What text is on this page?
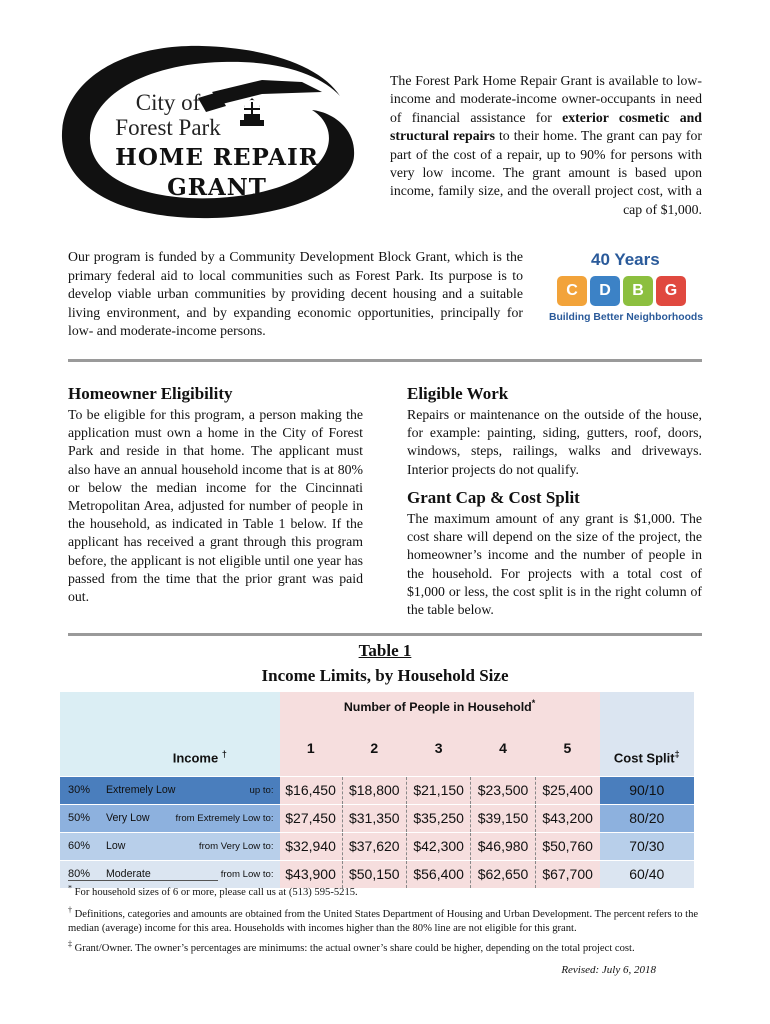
City of
Forest Park
HOME REPAIR
GRANT
The Forest Park Home Repair Grant is available to low-income and moderate-income owner-occupants in need of financial assistance for exterior cosmetic and structural repairs to their home. The grant can pay for part of the cost of a repair, up to 90% for persons with very low income. The grant amount is based upon income, family size, and the overall project cost, with a cap of $1,000.

Our program is funded by a Community Development Block Grant, which is the primary federal aid to local communities such as Forest Park. Its purpose is to develop viable urban communities by providing decent housing and a suitable living environment, and by expanding economic opportunities, principally for low- and moderate-income persons.

40 Years
C	D	B	G
Building Better Neighborhoods
Homeowner Eligibility

To be eligible for this program, a person making the application must own a home in the City of Forest Park and reside in that home. The applicant must also have an annual household income that is at 80% or below the median income for the Cincinnati Metropolitan Area, adjusted for number of people in the household, as indicated in Table 1 below. If the applicant has received a grant through this program before, the applicant is not eligible until one year has passed from the time that the prior grant was paid out.

Eligible Work

Repairs or maintenance on the outside of the house, for example: painting, siding, gutters, roof, doors, windows, steps, railings, walks and driveways. Interior projects do not qualify.

Grant Cap & Cost Split

The maximum amount of any grant is $1,000. The cost share will depend on the size of the project, the homeowner’s income and the number of people in the household. For projects with a total cost of $1,000 or less, the cost split is in the right column of the table below.

Table 1
Income Limits, by Household Size
Income †			Number of People in Household*					Cost Split‡
			1	2	3	4	5	
30%	Extremely Low	up to:	$16,450	$18,800	$21,150	$23,500	$25,400	90/10
50%	Very Low	from Extremely Low to:	$27,450	$31,350	$35,250	$39,150	$43,200	80/20
60%	Low	from Very Low to:	$32,940	$37,620	$42,300	$46,980	$50,760	70/30
80%	Moderate	from Low to:	$43,900	$50,150	$56,400	$62,650	$67,700	60/40
* For household sizes of 6 or more, please call us at (513) 595-5215.
† Definitions, categories and amounts are obtained from the United States Department of Housing and Urban Development. The percent refers to the median (average) income for this area. Households with incomes higher than the 80% line are not eligible for this grant.
‡ Grant/Owner. The owner’s percentages are minimums: the actual owner’s share could be higher, depending on the total project cost.
Revised: July 6, 2018
